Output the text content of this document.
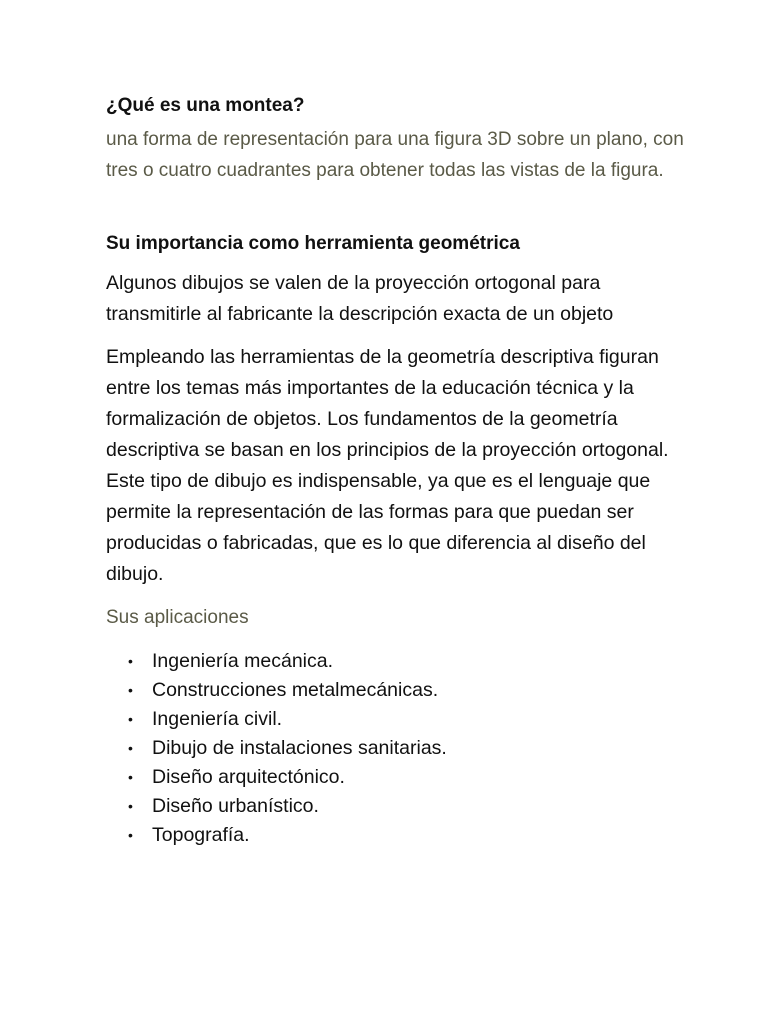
¿Qué es una montea?

una forma de representación para una figura 3D sobre un plano, con tres o cuatro cuadrantes para obtener todas las vistas de la figura.

Su importancia como herramienta geométrica

Algunos dibujos se valen de la proyección ortogonal para transmitirle al fabricante la descripción exacta de un objeto

Empleando las herramientas de la geometría descriptiva figuran entre los temas más importantes de la educación técnica y la formalización de objetos. Los fundamentos de la geometría descriptiva se basan en los principios de la proyección ortogonal. Este tipo de dibujo es indispensable, ya que es el lenguaje que permite la representación de las formas para que puedan ser producidas o fabricadas, que es lo que diferencia al diseño del dibujo.

Sus aplicaciones

• Ingeniería mecánica.
• Construcciones metalmecánicas.
• Ingeniería civil.
• Dibujo de instalaciones sanitarias.
• Diseño arquitectónico.
• Diseño urbanístico.
• Topografía.
